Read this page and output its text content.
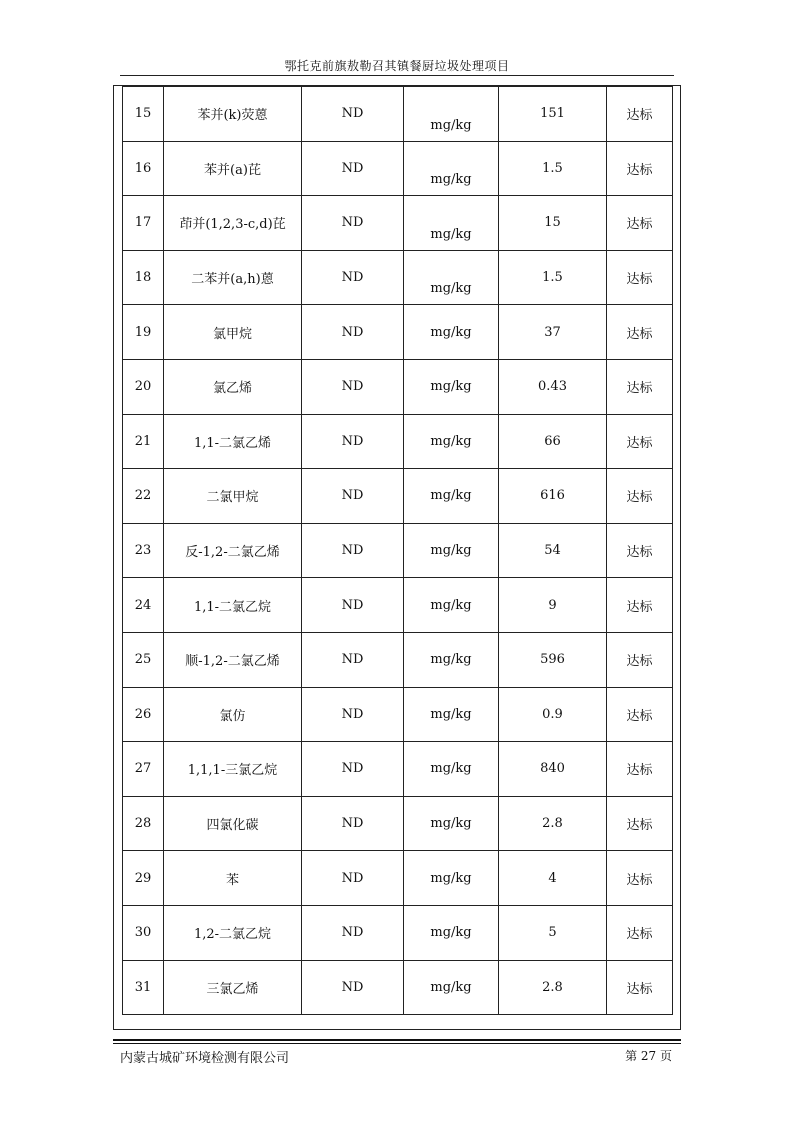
鄂托克前旗敖勒召其镇餐厨垃圾处理项目
15	苯并(k)荧蒽	ND	mg/kg	151	达标
16	苯并(a)芘	ND	mg/kg	1.5	达标
17	茚并(1,2,3-c,d)芘	ND	mg/kg	15	达标
18	二苯并(a,h)蒽	ND	mg/kg	1.5	达标
19	氯甲烷	ND	mg/kg	37	达标
20	氯乙烯	ND	mg/kg	0.43	达标
21	1,1-二氯乙烯	ND	mg/kg	66	达标
22	二氯甲烷	ND	mg/kg	616	达标
23	反-1,2-二氯乙烯	ND	mg/kg	54	达标
24	1,1-二氯乙烷	ND	mg/kg	9	达标
25	顺-1,2-二氯乙烯	ND	mg/kg	596	达标
26	氯仿	ND	mg/kg	0.9	达标
27	1,1,1-三氯乙烷	ND	mg/kg	840	达标
28	四氯化碳	ND	mg/kg	2.8	达标
29	苯	ND	mg/kg	4	达标
30	1,2-二氯乙烷	ND	mg/kg	5	达标
31	三氯乙烯	ND	mg/kg	2.8	达标
内蒙古城矿环境检测有限公司	第 27 页
